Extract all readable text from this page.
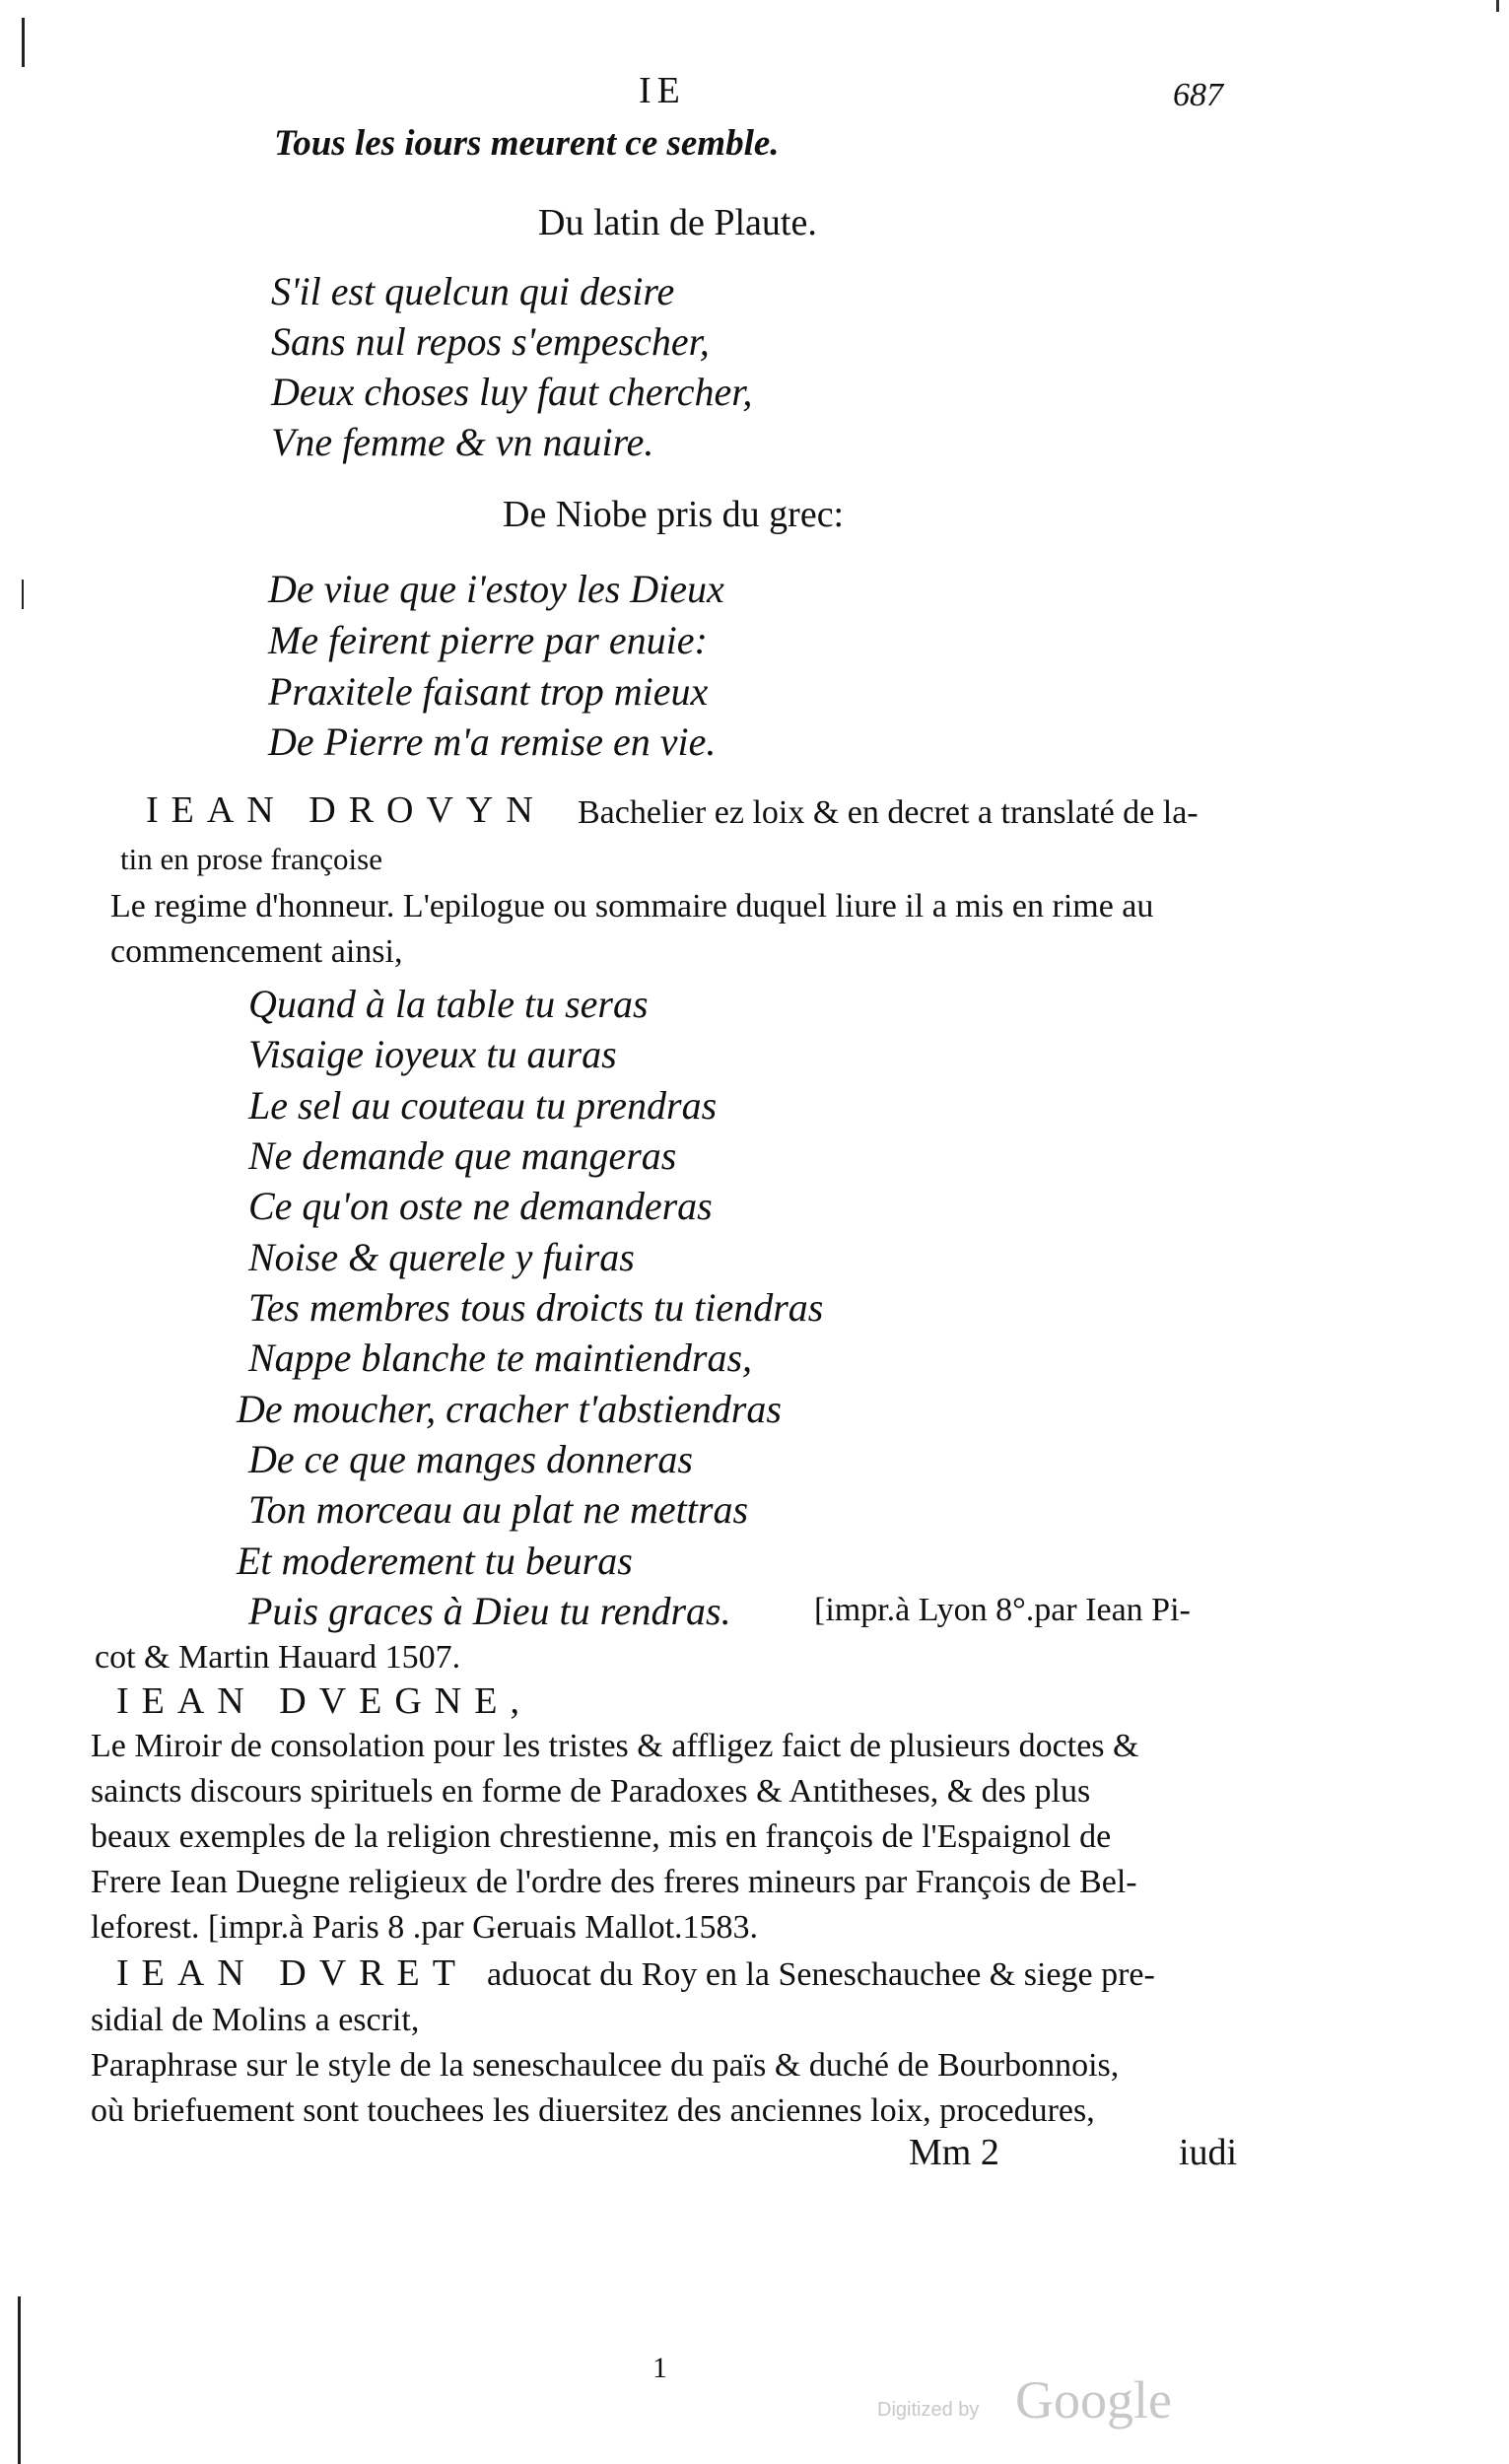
IE	687
Tous les iours meurent ce semble.
Du latin de Plaute.
S'il est quelcun qui desire
Sans nul repos s'empescher,
Deux choses luy faut chercher,
Vne femme & vn nauire.
De Niobe pris du grec:
De viue que i'estoy les Dieux
Me feirent pierre par enuie:
Praxitele faisant trop mieux
De Pierre m'a remise en vie.
IEAN DROVYN Bachelier ez loix & en decret a translaté de la-
tin en prose françoise
Le regime d'honneur. L'epilogue ou sommaire duquel liure il a mis en rime au
commencement ainsi,
Quand à la table tu seras
Visaige ioyeux tu auras
Le sel au couteau tu prendras
Ne demande que mangeras
Ce qu'on oste ne demanderas
Noise & querele y fuiras
Tes membres tous droicts tu tiendras
Nappe blanche te maintiendras,
De moucher, cracher t'abstiendras
De ce que manges donneras
Ton morceau au plat ne mettras
Et moderement tu beuras
Puis graces à Dieu tu rendras. [impr.à Lyon 8°.par Iean Pi-
cot & Martin Hauard 1507.
IEAN DVEGNE,
Le Miroir de consolation pour les tristes & affligez faict de plusieurs doctes &
saincts discours spirituels en forme de Paradoxes & Antitheses, & des plus
beaux exemples de la religion chrestienne, mis en françois de l'Espaignol de
Frere Iean Duegne religieux de l'ordre des freres mineurs par François de Bel-
leforest. [impr.à Paris 8 .par Geruais Mallot.1583.
IEAN DVRET aduocat du Roy en la Seneschauchee & siege pre-
sidial de Molins a escrit,
Paraphrase sur le style de la seneschaulcee du païs & duché de Bourbonnois,
où briefuement sont touchees les diuersitez des anciennes loix, procedures,
Mm 2	iudi
1
Digitized by Google
